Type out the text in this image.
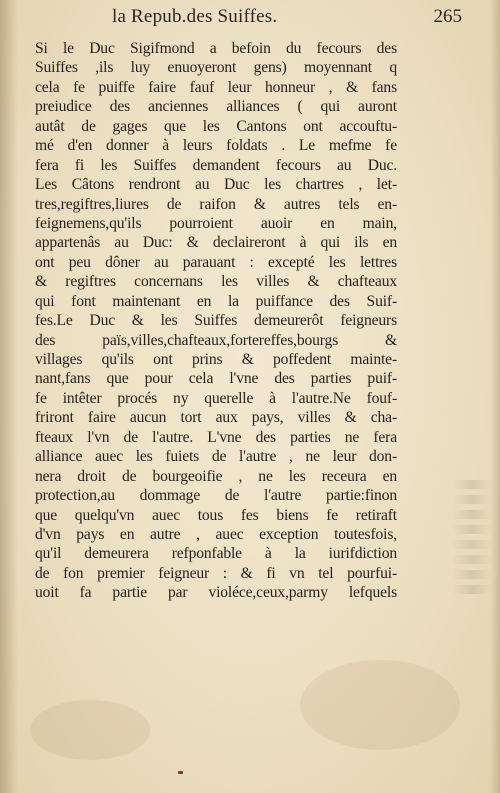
la Repub.des Suiffes.	265
Si le Duc Sigifmond a befoin du fecours des
Suiffes ,ils luy enuoyeront gens) moyennant q
cela fe puiffe faire fauf leur honneur , & fans
preiudice des anciennes alliances ( qui auront
autât de gages que les Cantons ont accouftu-
mé d'en donner à leurs foldats . Le mefme fe
fera fi les Suiffes demandent fecours au Duc.
Les Câtons rendront au Duc les chartres , let-
tres,regiftres,liures de raifon & autres tels en-
feignemens,qu'ils pourroient auoir en main,
appartenâs au Duc: & declaireront à qui ils en
ont peu dôner au parauant : excepté les lettres
& regiftres concernans les villes & chafteaux
qui font maintenant en la puiffance des Suif-
fes.Le Duc & les Suiffes demeurerôt feigneurs
des païs,villes,chafteaux,fortereffes,bourgs &
villages qu'ils ont prins & poffedent mainte-
nant,fans que pour cela l'vne des parties puif-
fe intêter procés ny querelle à l'autre.Ne fouf-
friront faire aucun tort aux pays, villes & cha-
fteaux l'vn de l'autre. L'vne des parties ne fera
alliance auec les fuiets de l'autre , ne leur don-
nera droit de bourgeoifie , ne les receura en
protection,au dommage de l'autre partie:finon
que quelqu'vn auec tous fes biens fe retiraft
d'vn pays en autre , auec exception toutesfois,
qu'il demeurera refponfable à la iurifdiction
de fon premier feigneur : & fi vn tel pourfui-
uoit fa partie par violéce,ceux,parmy lefquels
